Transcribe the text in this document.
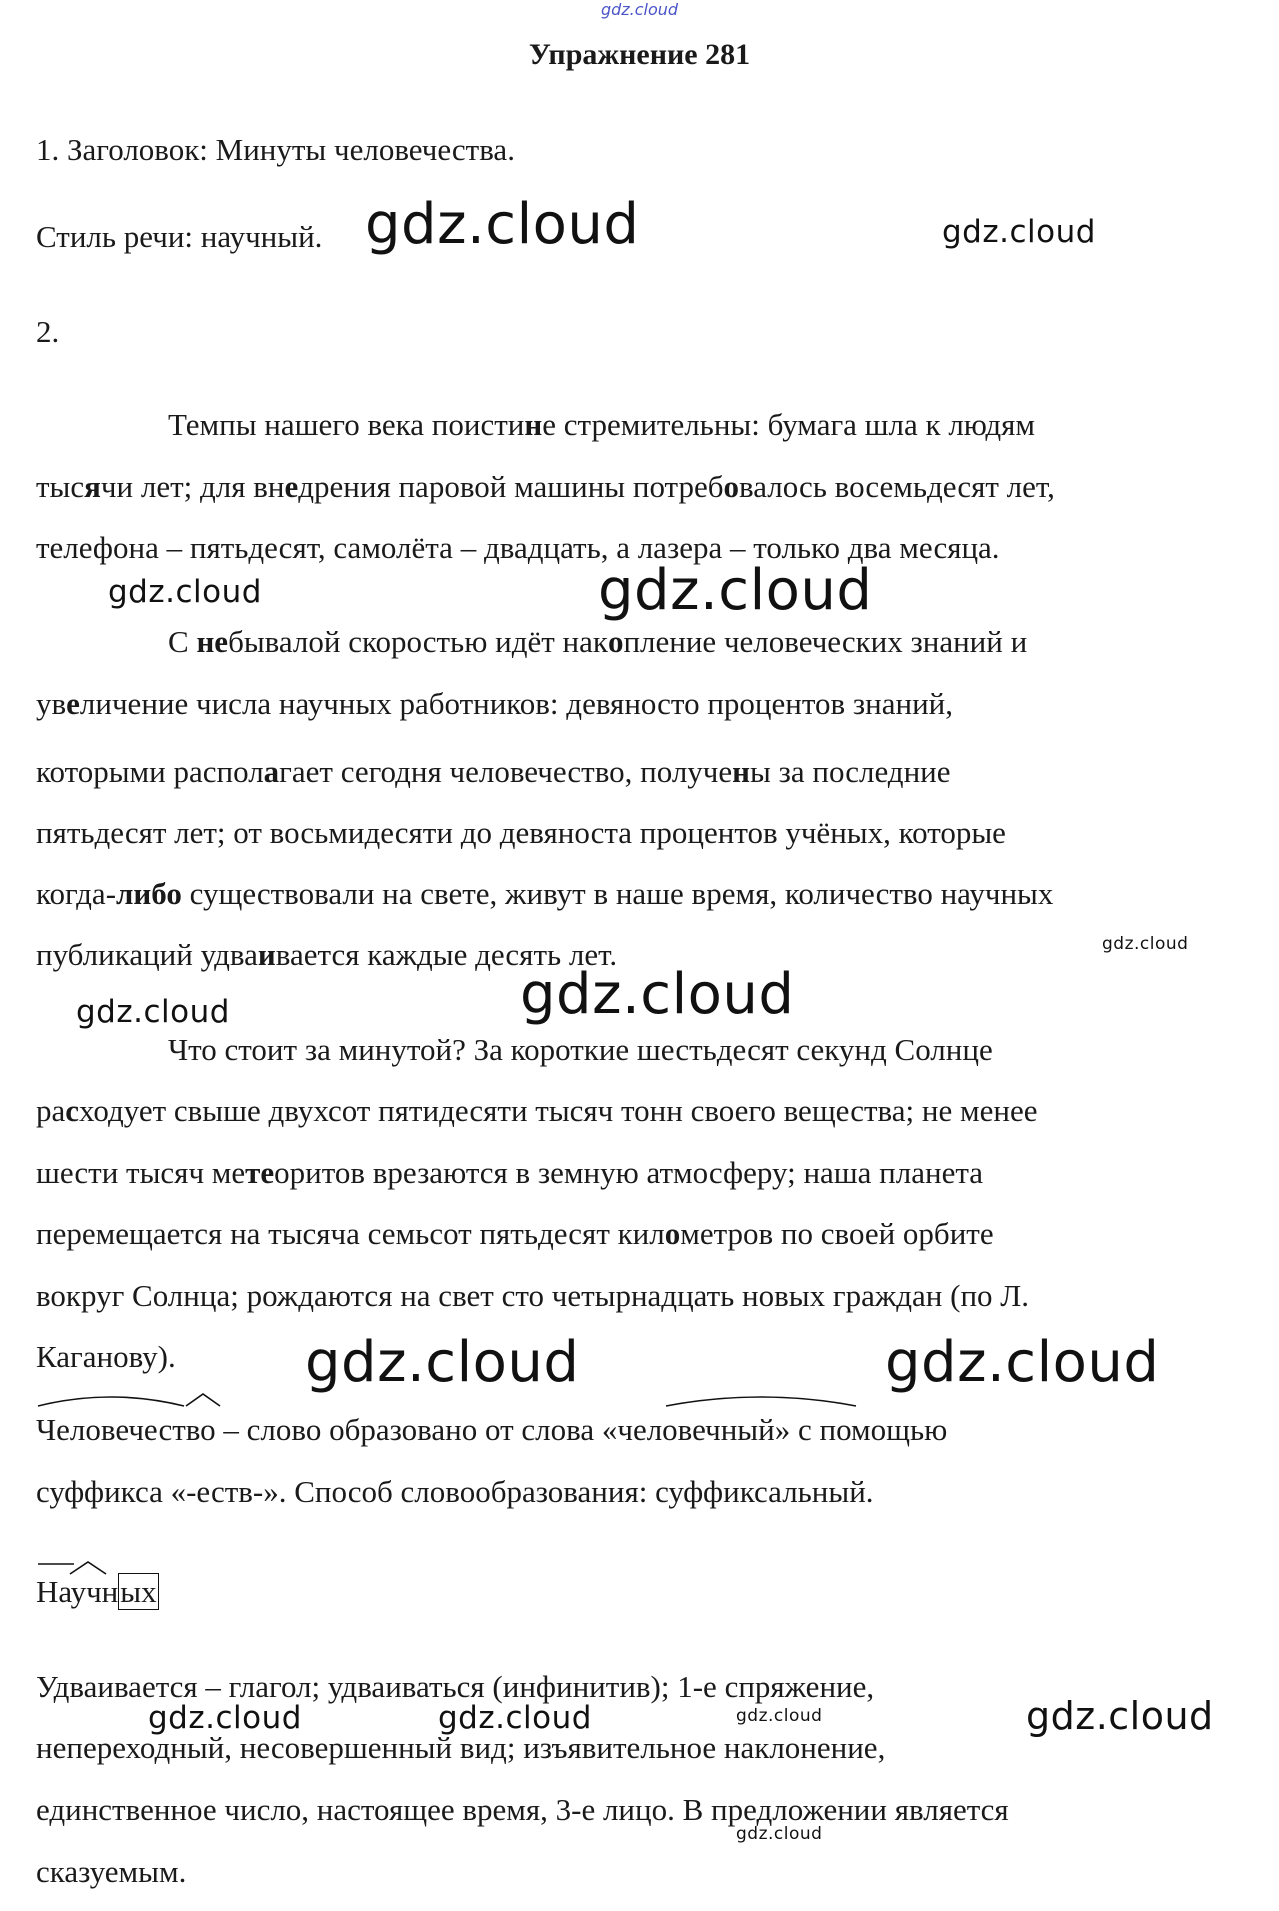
gdz.cloud
Упражнение 281
1. Заголовок: Минуты человечества.
Стиль речи: научный.
2.
Темпы нашего века поистине стремительны: бумага шла к людям
тысячи лет; для внедрения паровой машины потребовалось восемьдесят лет,
телефона – пятьдесят, самолёта – двадцать, а лазера – только два месяца.
С небывалой скоростью идёт накопление человеческих знаний и
увеличение числа научных работников: девяносто процентов знаний,
которыми располагает сегодня человечество, получены за последние
пятьдесят лет; от восьмидесяти до девяноста процентов учёных, которые
когда-либо существовали на свете, живут в наше время, количество научных
публикаций удваивается каждые десять лет.
Что стоит за минутой? За короткие шестьдесят секунд Солнце
расходует свыше двухсот пятидесяти тысяч тонн своего вещества; не менее
шести тысяч метеоритов врезаются в земную атмосферу; наша планета
перемещается на тысяча семьсот пятьдесят километров по своей орбите
вокруг Солнца; рождаются на свет сто четырнадцать новых граждан (по Л.
Каганову).
Человечество – слово образовано от слова «человечный» с помощью
суффикса «-еств-». Способ словообразования: суффиксальный.
Научных
Удваивается – глагол; удваиваться (инфинитив); 1-е спряжение,
непереходный, несовершенный вид; изъявительное наклонение,
единственное число, настоящее время, 3-е лицо. В предложении является
сказуемым.
gdz.cloud	gdz.cloud
gdz.cloud	gdz.cloud
gdz.cloud
gdz.cloud	gdz.cloud
gdz.cloud	gdz.cloud
gdz.cloud	gdz.cloud	gdz.cloud	gdz.cloud
gdz.cloud
